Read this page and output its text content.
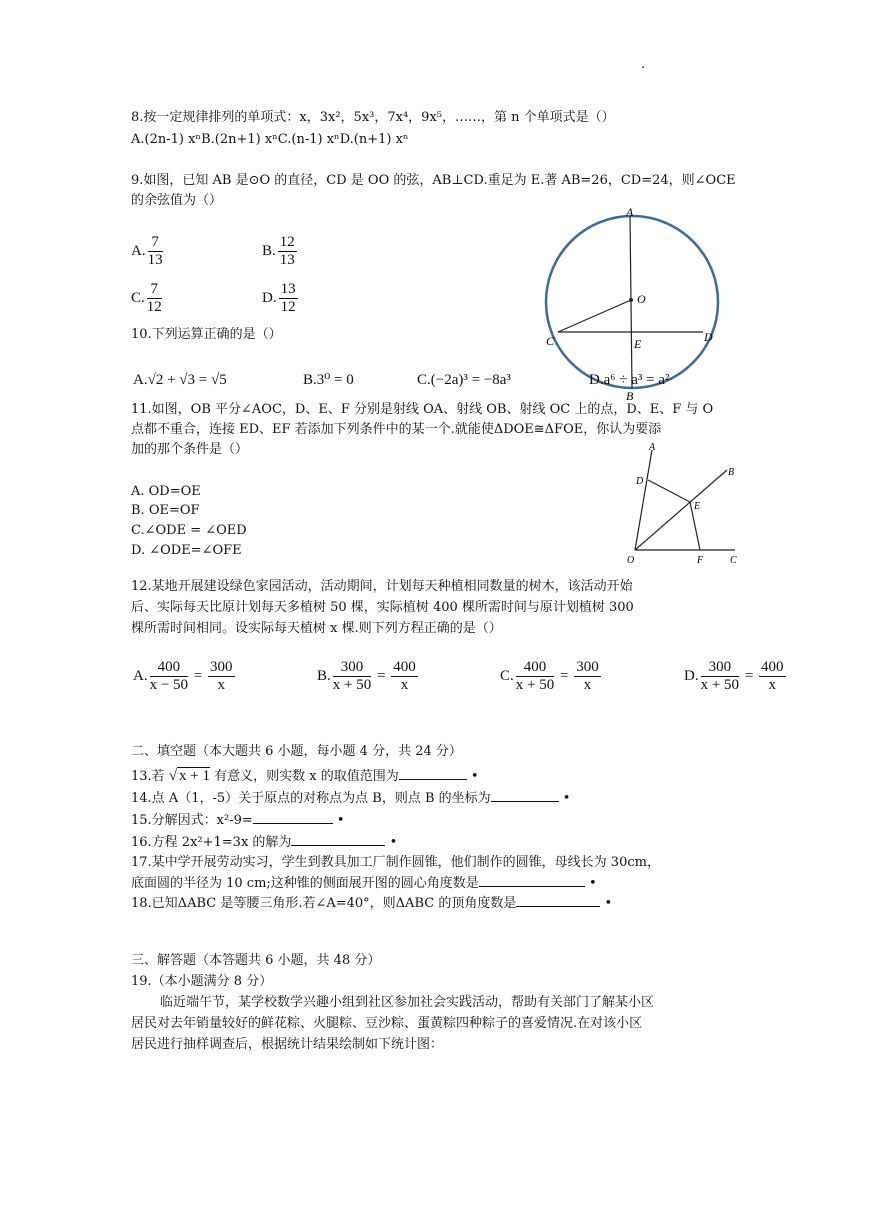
.
8.按一定规律排列的单项式：x，3x²，5x³，7x⁴，9x⁵，……，第 n 个单项式是（）
A.(2n-1) xⁿB.(2n+1) xⁿC.(n-1) xⁿD.(n+1) xⁿ
9.如图，已知 AB 是⊙O 的直径，CD 是 OO 的弦，AB⊥CD.重足为 E.著 AB=26，CD=24，则∠OCE
的余弦值为（）
A. $\frac{7}{13}$	B. $\frac{12}{13}$
C. $\frac{7}{12}$	D. $\frac{13}{12}$
A
O
C	D
E
B
10.下列运算正确的是（）
A.√2 + √3 = √5	B.3⁰ = 0	C.(−2a)³ = −8a³	D.a⁶ ÷ a³ = a²
11.如图，OB 平分∠AOC，D、E、F 分别是射线 OA、射线 OB、射线 OC 上的点，D、E、F 与 O
点都不重合，连接 ED、EF 若添加下列条件中的某一个.就能使ΔDOE≅ΔFOE，你认为要添
加的那个条件是（）
A. OD=OE
B. OE=OF
C.∠ODE = ∠OED
D. ∠ODE=∠OFE
A
B
D
E
O	F	C
12.某地开展建设绿色家园活动，活动期间，计划每天种植相同数量的树木，该活动开始
后、实际每天比原计划每天多植树 50 棵，实际植树 400 棵所需时间与原计划植树 300
棵所需时间相同。设实际每天植树 x 棵.则下列方程正确的是（）
A. $\frac{400}{x - 50} = \frac{300}{x}$	B. $\frac{300}{x + 50} = \frac{400}{x}$	C. $\frac{400}{x + 50} = \frac{300}{x}$	D. $\frac{300}{x + 50} = \frac{400}{x}$
二、填空题（本大题共 6 小题，每小题 4 分，共 24 分）
13.若 √ x + 1 有意义，则实数 x 的取值范围为	•
14.点 A（1，-5）关于原点的对称点为点 B，则点 B 的坐标为	•
15.分解因式：x²-9=	•
16.方程 2x²+1=3x 的解为	•
17.某中学开展劳动实习，学生到教具加工厂制作圆锥，他们制作的圆锥，母线长为 30cm，
底面圆的半径为 10 cm;这种锥的侧面展开图的圆心角度数是	•
18.已知ΔABC 是等腰三角形.若∠A=40°，则ΔABC 的顶角度数是	•
三、解答题（本答题共 6 小题，共 48 分）
19.（本小题满分 8 分）
临近端午节，某学校数学兴趣小组到社区参加社会实践活动，帮助有关部门了解某小区
居民对去年销量较好的鲜花粽、火腿粽、豆沙粽、蛋黄粽四种粽子的喜爱情况.在对该小区
居民进行抽样调查后，根据统计结果绘制如下统计图：
